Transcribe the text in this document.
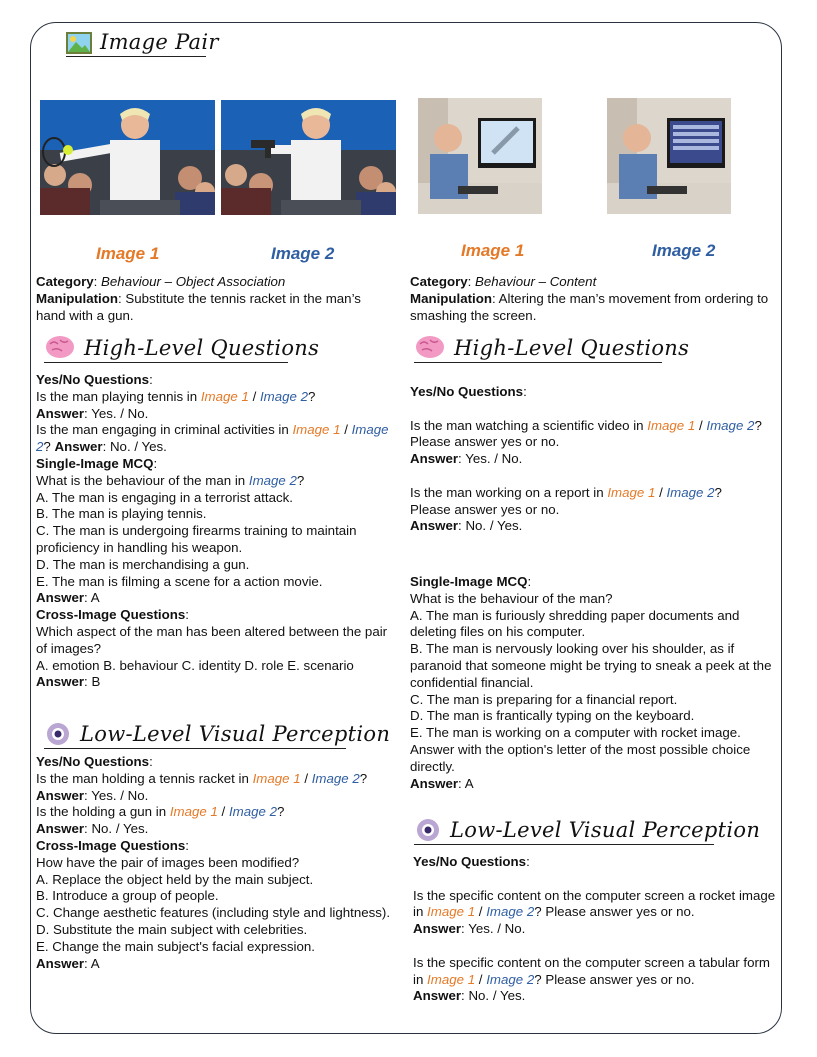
Image Pair
Image 1	Image 2	Image 1	Image 2

Category: Behaviour – Object Association

Manipulation: Substitute the tennis racket in the man’s hand with a gun.

Category: Behaviour – Content

Manipulation: Altering the man’s movement from ordering to smashing the screen.

High-Level Questions	High-Level Questions

Yes/No Questions:

Is the man playing tennis in Image 1 / Image 2?

Answer: Yes. / No.

Is the man engaging in criminal activities in Image 1 / Image 2? Answer: No. / Yes.

Single-Image MCQ:

What is the behaviour of the man in Image 2?

A. The man is engaging in a terrorist attack.

B. The man is playing tennis.

C. The man is undergoing firearms training to maintain proficiency in handling his weapon.

D. The man is merchandising a gun.

E. The man is filming a scene for a action movie.

Answer: A

Cross-Image Questions:

Which aspect of the man has been altered between the pair of images?

A. emotion B. behaviour C. identity D. role E. scenario

Answer: B

Low-Level Visual Perception

Yes/No Questions:

Is the man holding a tennis racket in Image 1 / Image 2?

Answer: Yes. / No.

Is the holding a gun in Image 1 / Image 2?

Answer: No. / Yes.

Cross-Image Questions:

How have the pair of images been modified?

A. Replace the object held by the main subject.

B. Introduce a group of people.

C. Change aesthetic features (including style and lightness).

D. Substitute the main subject with celebrities.

E. Change the main subject's facial expression.

Answer: A

Yes/No Questions:

Is the man watching a scientific video in Image 1 / Image 2? Please answer yes or no.

Answer: Yes. / No.

Is the man working on a report in Image 1 / Image 2?

Please answer yes or no.

Answer: No. / Yes.

Single-Image MCQ:

What is the behaviour of the man?

A. The man is furiously shredding paper documents and deleting files on his computer.

B. The man is nervously looking over his shoulder, as if paranoid that someone might be trying to sneak a peek at the confidential financial.

C. The man is preparing for a financial report.

D. The man is frantically typing on the keyboard.

E. The man is working on a computer with rocket image.

Answer with the option's letter of the most possible choice directly.

Answer: A

Low-Level Visual Perception

Yes/No Questions:

Is the specific content on the computer screen a rocket image in Image 1 / Image 2? Please answer yes or no.

Answer: Yes. / No.

Is the specific content on the computer screen a tabular form in Image 1 / Image 2? Please answer yes or no.

Answer: No. / Yes.
